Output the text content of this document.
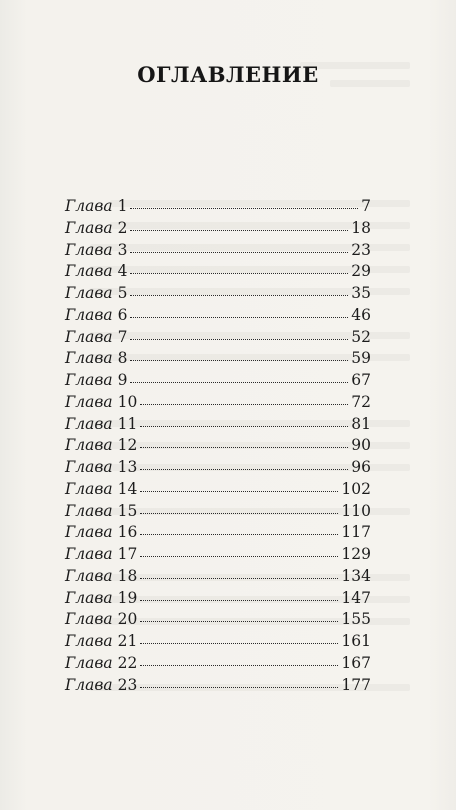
ОГЛАВЛЕНИЕ
Глава 1	7
Глава 2	18
Глава 3	23
Глава 4	29
Глава 5	35
Глава 6	46
Глава 7	52
Глава 8	59
Глава 9	67
Глава 10	72
Глава 11	81
Глава 12	90
Глава 13	96
Глава 14	102
Глава 15	110
Глава 16	117
Глава 17	129
Глава 18	134
Глава 19	147
Глава 20	155
Глава 21	161
Глава 22	167
Глава 23	177
